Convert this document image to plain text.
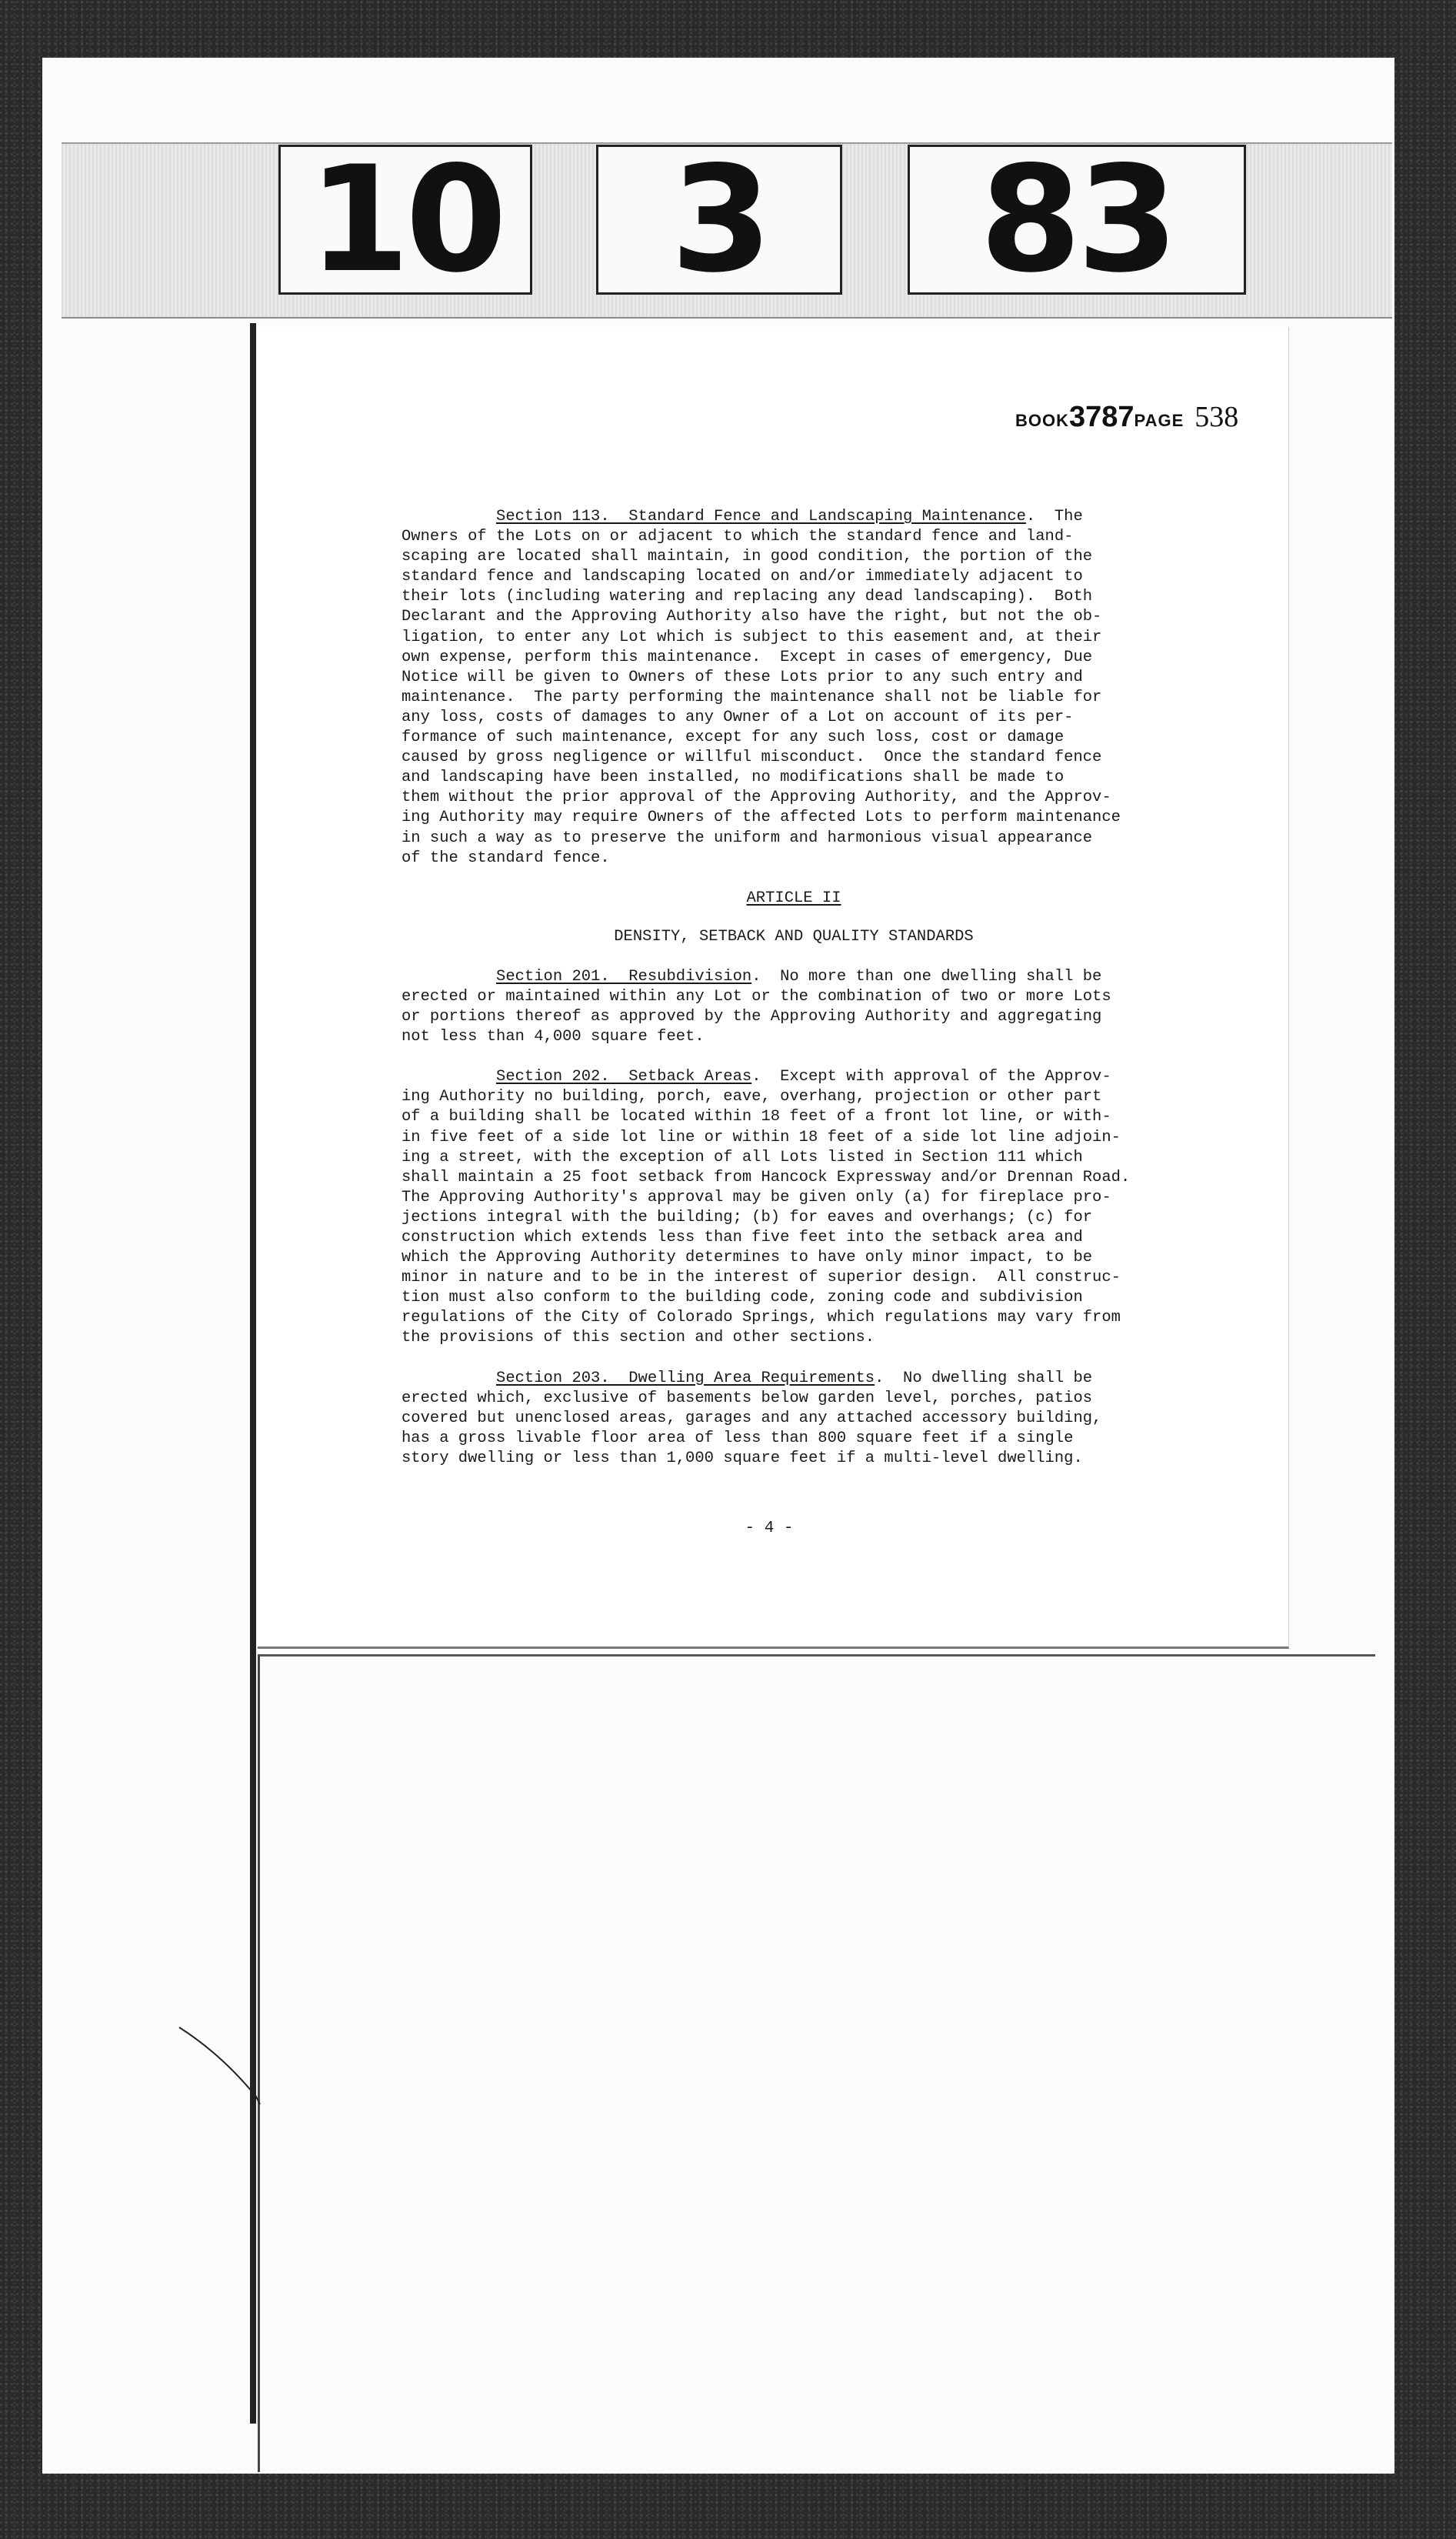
10	3	83
BOOK3787PAGE 538
Section 113.  Standard Fence and Landscaping Maintenance.  The
Owners of the Lots on or adjacent to which the standard fence and land-
scaping are located shall maintain, in good condition, the portion of the
standard fence and landscaping located on and/or immediately adjacent to
their lots (including watering and replacing any dead landscaping).  Both
Declarant and the Approving Authority also have the right, but not the ob-
ligation, to enter any Lot which is subject to this easement and, at their
own expense, perform this maintenance.  Except in cases of emergency, Due
Notice will be given to Owners of these Lots prior to any such entry and
maintenance.  The party performing the maintenance shall not be liable for
any loss, costs of damages to any Owner of a Lot on account of its per-
formance of such maintenance, except for any such loss, cost or damage
caused by gross negligence or willful misconduct.  Once the standard fence
and landscaping have been installed, no modifications shall be made to
them without the prior approval of the Approving Authority, and the Approv-
ing Authority may require Owners of the affected Lots to perform maintenance
in such a way as to preserve the uniform and harmonious visual appearance
of the standard fence.
ARTICLE II
DENSITY, SETBACK AND QUALITY STANDARDS
Section 201.  Resubdivision.  No more than one dwelling shall be
erected or maintained within any Lot or the combination of two or more Lots
or portions thereof as approved by the Approving Authority and aggregating
not less than 4,000 square feet.
Section 202.  Setback Areas.  Except with approval of the Approv-
ing Authority no building, porch, eave, overhang, projection or other part
of a building shall be located within 18 feet of a front lot line, or with-
in five feet of a side lot line or within 18 feet of a side lot line adjoin-
ing a street, with the exception of all Lots listed in Section 111 which
shall maintain a 25 foot setback from Hancock Expressway and/or Drennan Road.
The Approving Authority's approval may be given only (a) for fireplace pro-
jections integral with the building; (b) for eaves and overhangs; (c) for
construction which extends less than five feet into the setback area and
which the Approving Authority determines to have only minor impact, to be
minor in nature and to be in the interest of superior design.  All construc-
tion must also conform to the building code, zoning code and subdivision
regulations of the City of Colorado Springs, which regulations may vary from
the provisions of this section and other sections.
Section 203.  Dwelling Area Requirements.  No dwelling shall be
erected which, exclusive of basements below garden level, porches, patios
covered but unenclosed areas, garages and any attached accessory building,
has a gross livable floor area of less than 800 square feet if a single
story dwelling or less than 1,000 square feet if a multi-level dwelling.
- 4 -
